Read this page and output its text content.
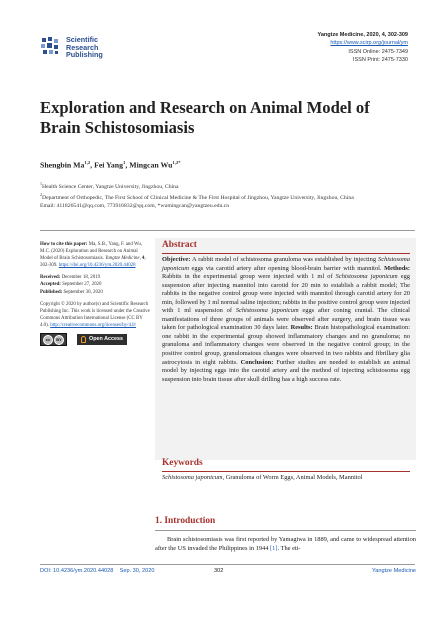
Scientific
Research
Publishing
Yangtze Medicine, 2020, 4, 302-309
https://www.scirp.org/journal/ym
ISSN Online: 2475-7349
ISSN Print: 2475-7330
Exploration and Research on Animal Model of Brain Schistosomiasis
Shengbin Ma$^{1,2}$, Fei Yang$^1$, Mingcan $Wu^{1,2*}$
$^1$Health Science Center, Yangtze University, Jingzhou, China
$^2$Department of Orthopedic, The First School of Clinical Medicine & The First Hospital of Jingzhou, Yangtze University, Jingzhou, China
Email: 411826541@qq.com, 773916832@qq.com, *wumingcan@yangtzeu.edu.cn
How to cite this paper: Ma, S.B., Yang, F. and Wu, M.C. (2020) Exploration and Research on Animal Model of Brain Schistosomiasis. Yangtze Medicine, 4, 302-309. https://doi.org/10.4236/ym.2020.44028
Received: December 18, 2019
Accepted: September 27, 2020
Published: September 30, 2020
Copyright © 2020 by author(s) and Scientific Research Publishing Inc. This work is licensed under the Creative Commons Attribution International License (CC BY 4.0). http://creativecommons.org/licenses/by/4.0/
cc	BY	Open Access
Abstract
Objective: A rabbit model of schistosoma granuloma was established by injecting Schistosoma japonicum eggs via carotid artery after opening blood-brain barrier with mannitol. Methods: Rabbits in the experimental group were injected with 1 ml of Schistosoma japonicum egg suspension after injecting mannitol into carotid for 20 min to establish a rabbit model; The rabbits in the negative control group were injected with mannitol through carotid artery for 20 min, followed by 1 ml normal saline injection; rabbits in the positive control group were injected with 1 ml suspension of Schistosoma japonicum eggs after coning cranial. The clinical manifestations of three groups of animals were observed after surgery, and brain tissue was taken for pathological examination 30 days later. Results: Brain histopathological examination: one rabbit in the experimental group showed inflammatory changes and no granuloma; no granuloma and inflammatory changes were observed in the negative control group; in the positive control group, granulomatous changes were observed in two rabbits and fibrillary glia astrocytosis in eight rabbits. Conclusion: Further studies are needed to establish an animal model by injecting eggs into the carotid artery and the method of injecting schistosoma egg suspension into brain tissue after skull drilling has a high success rate.
Keywords
Schistosoma japonicum, Granuloma of Worm Eggs, Animal Models, Mannitol
1. Introduction
Brain schistosomiasis was first reported by Yamagiwa in 1889, and came to widespread attention after the US invaded the Philippines in 1944 [1]. The eti-
DOI: 10.4236/ym.2020.44028 Sep. 30, 2020	302	Yangtze Medicine
